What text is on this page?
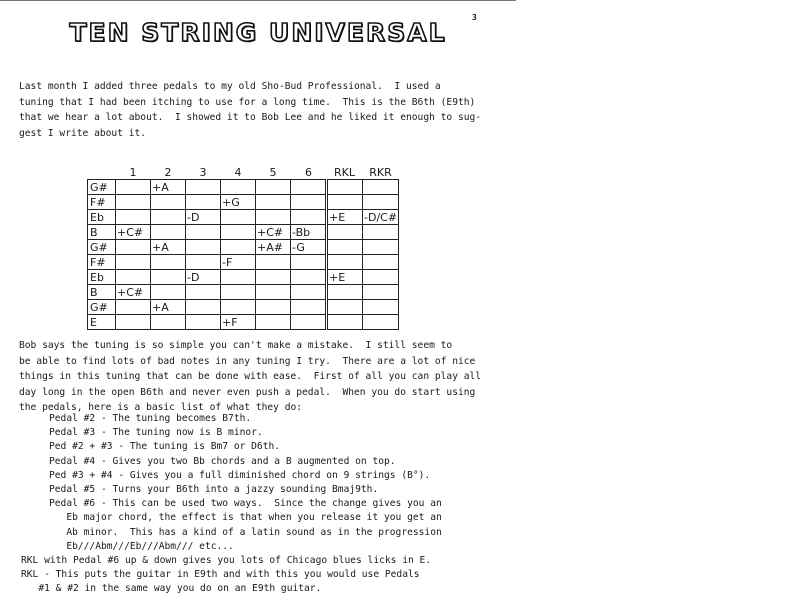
3
TEN STRING UNIVERSAL
Last month I added three pedals to my old Sho-Bud Professional.  I used a
tuning that I had been itching to use for a long time.  This is the B6th (E9th)
that we hear a lot about.  I showed it to Bob Lee and he liked it enough to sug-
gest I write about it.
	1	2	3	4	5	6	RKL	RKR
G#		+A						
F#				+G				
Eb			-D				+E	-D/C#
B	+C#				+C#	-Bb		
G#		+A			+A#	-G		
F#				-F				
Eb			-D				+E	
B	+C#							
G#		+A						
E				+F				
Bob says the tuning is so simple you can't make a mistake.  I still seem to
be able to find lots of bad notes in any tuning I try.  There are a lot of nice
things in this tuning that can be done with ease.  First of all you can play all
day long in the open B6th and never even push a pedal.  When you do start using
the pedals, here is a basic list of what they do:
Pedal #2 - The tuning becomes B7th.
Pedal #3 - The tuning now is B minor.
Ped #2 + #3 - The tuning is Bm7 or D6th.
Pedal #4 - Gives you two Bb chords and a B augmented on top.
Ped #3 + #4 - Gives you a full diminished chord on 9 strings (B°).
Pedal #5 - Turns your B6th into a jazzy sounding Bmaj9th.
Pedal #6 - This can be used two ways.  Since the change gives you an
Eb major chord, the effect is that when you release it you get an
Ab minor.  This has a kind of a latin sound as in the progression
Eb///Abm///Eb///Abm/// etc...
RKL with Pedal #6 up & down gives you lots of Chicago blues licks in E.
RKL - This puts the guitar in E9th and with this you would use Pedals
#1 & #2 in the same way you do on an E9th guitar.
